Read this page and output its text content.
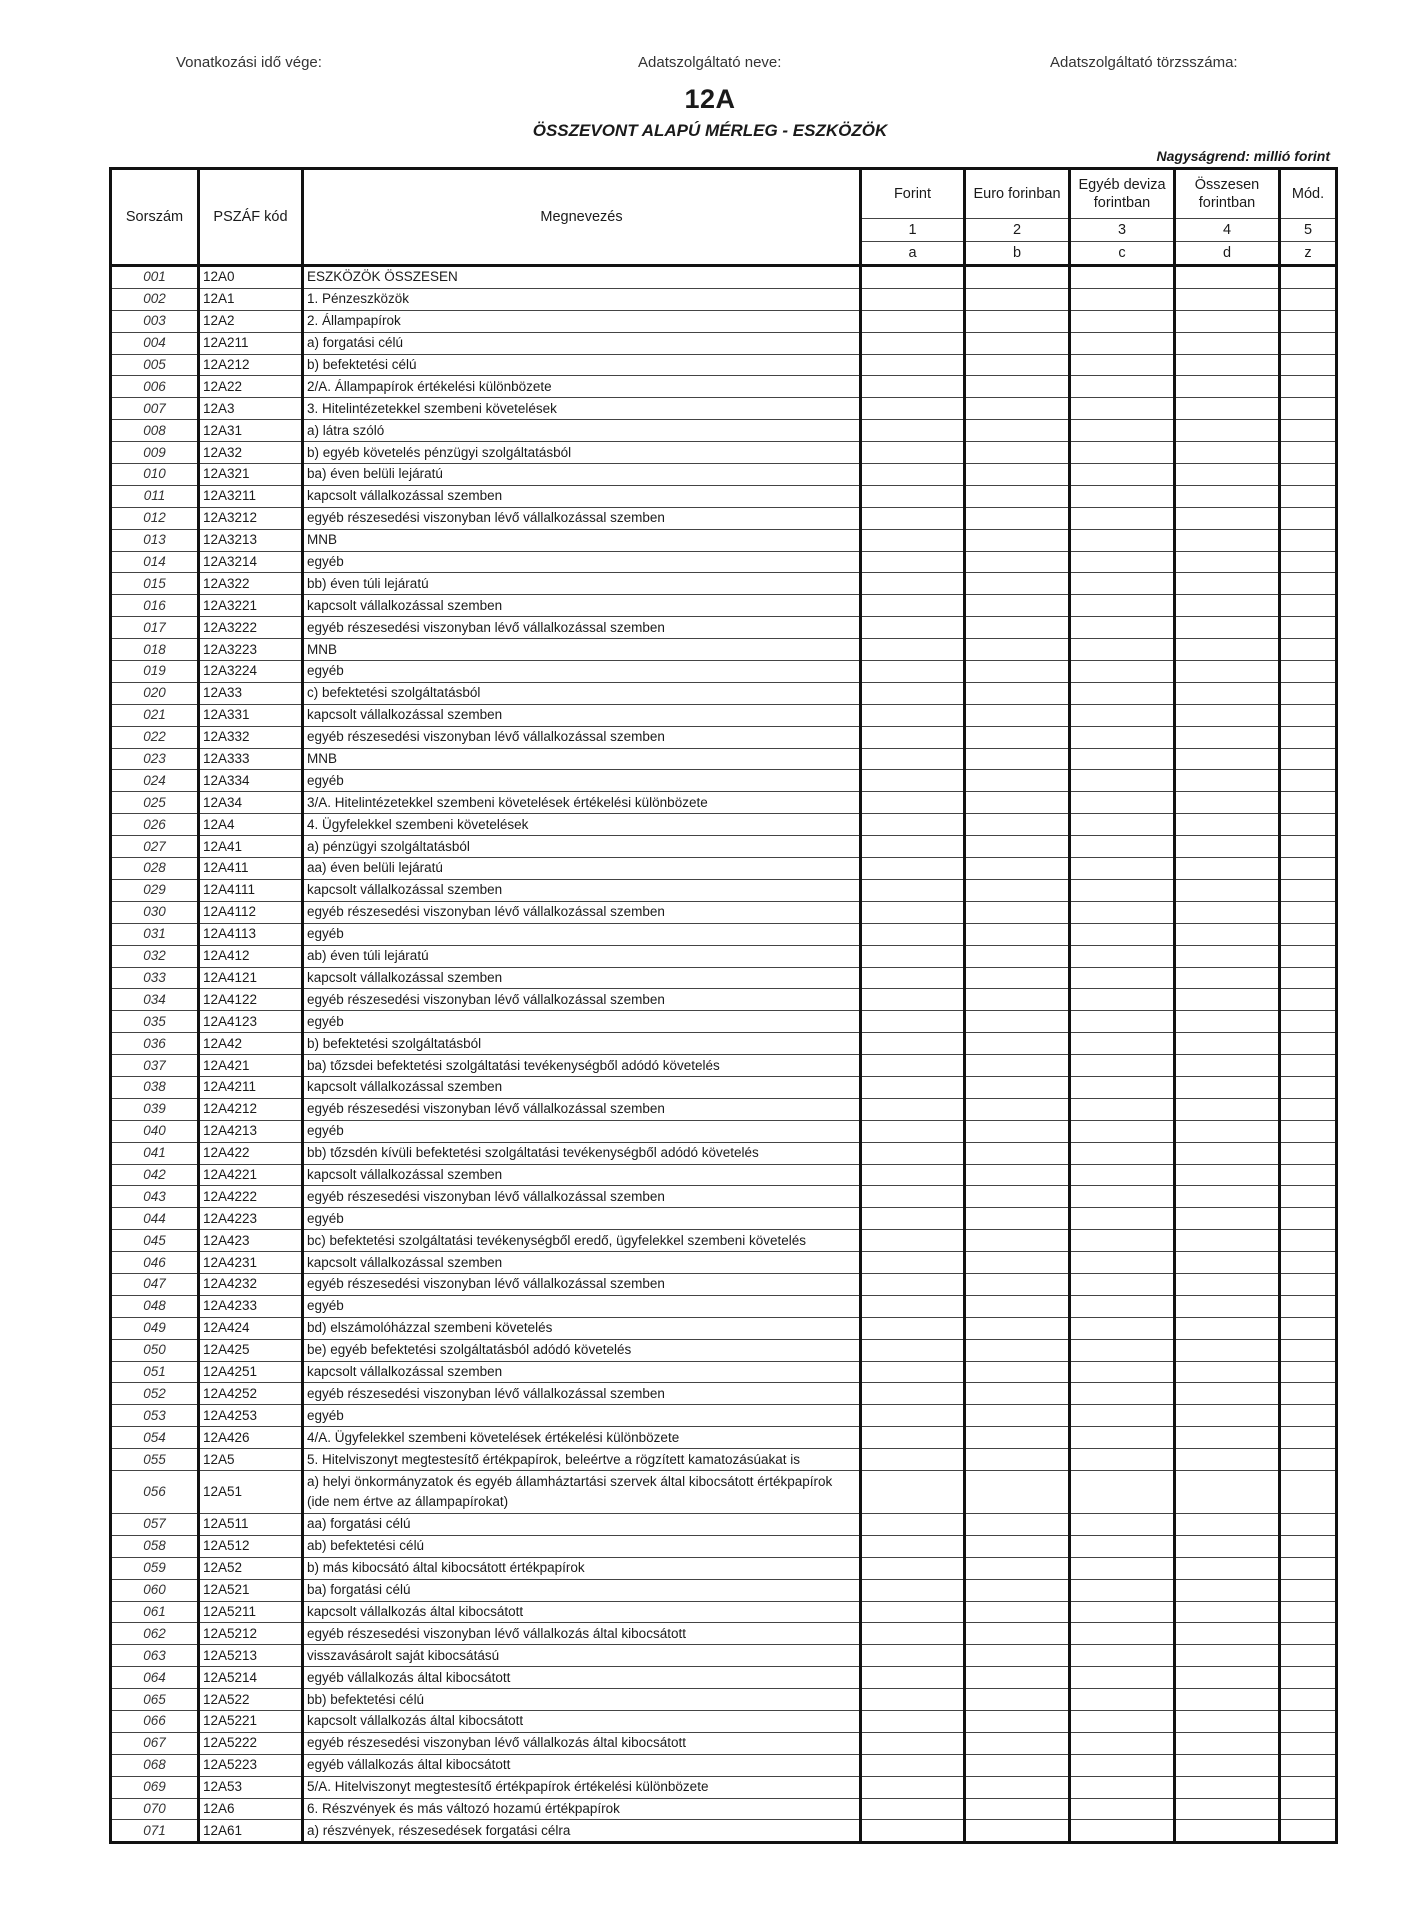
Vonatkozási idő vége:	Adatszolgáltató neve:	Adatszolgáltató törzsszáma:
12A
ÖSSZEVONT ALAPÚ MÉRLEG - ESZKÖZÖK
Nagyságrend: millió forint
Sorszám	PSZÁF kód	Megnevezés	Forint	Euro forinban	Egyéb deviza forintban	Összesen forintban	Mód.
			1	2	3	4	5
			a	b	c	d	z
001	12A0	ESZKÖZÖK ÖSSZESEN					
002	12A1	1. Pénzeszközök					
003	12A2	2. Állampapírok					
004	12A211	a) forgatási célú					
005	12A212	b) befektetési célú					
006	12A22	2/A. Állampapírok értékelési különbözete					
007	12A3	3. Hitelintézetekkel szembeni követelések					
008	12A31	a) látra szóló					
009	12A32	b) egyéb követelés pénzügyi szolgáltatásból					
010	12A321	ba) éven belüli lejáratú					
011	12A3211	kapcsolt vállalkozással szemben					
012	12A3212	egyéb részesedési viszonyban lévő vállalkozással szemben					
013	12A3213	MNB					
014	12A3214	egyéb					
015	12A322	bb) éven túli lejáratú					
016	12A3221	kapcsolt vállalkozással szemben					
017	12A3222	egyéb részesedési viszonyban lévő vállalkozással szemben					
018	12A3223	MNB					
019	12A3224	egyéb					
020	12A33	c) befektetési szolgáltatásból					
021	12A331	kapcsolt vállalkozással szemben					
022	12A332	egyéb részesedési viszonyban lévő vállalkozással szemben					
023	12A333	MNB					
024	12A334	egyéb					
025	12A34	3/A. Hitelintézetekkel szembeni követelések értékelési különbözete					
026	12A4	4. Ügyfelekkel szembeni követelések					
027	12A41	a) pénzügyi szolgáltatásból					
028	12A411	aa) éven belüli lejáratú					
029	12A4111	kapcsolt vállalkozással szemben					
030	12A4112	egyéb részesedési viszonyban lévő vállalkozással szemben					
031	12A4113	egyéb					
032	12A412	ab) éven túli lejáratú					
033	12A4121	kapcsolt vállalkozással szemben					
034	12A4122	egyéb részesedési viszonyban lévő vállalkozással szemben					
035	12A4123	egyéb					
036	12A42	b) befektetési szolgáltatásból					
037	12A421	ba) tőzsdei befektetési szolgáltatási tevékenységből adódó követelés					
038	12A4211	kapcsolt vállalkozással szemben					
039	12A4212	egyéb részesedési viszonyban lévő vállalkozással szemben					
040	12A4213	egyéb					
041	12A422	bb) tőzsdén kívüli befektetési szolgáltatási tevékenységből adódó követelés					
042	12A4221	kapcsolt vállalkozással szemben					
043	12A4222	egyéb részesedési viszonyban lévő vállalkozással szemben					
044	12A4223	egyéb					
045	12A423	bc) befektetési szolgáltatási tevékenységből eredő, ügyfelekkel szembeni követelés					
046	12A4231	kapcsolt vállalkozással szemben					
047	12A4232	egyéb részesedési viszonyban lévő vállalkozással szemben					
048	12A4233	egyéb					
049	12A424	bd) elszámolóházzal szembeni követelés					
050	12A425	be) egyéb befektetési szolgáltatásból adódó követelés					
051	12A4251	kapcsolt vállalkozással szemben					
052	12A4252	egyéb részesedési viszonyban lévő vállalkozással szemben					
053	12A4253	egyéb					
054	12A426	4/A. Ügyfelekkel szembeni követelések értékelési különbözete					
055	12A5	5. Hitelviszonyt megtestesítő értékpapírok, beleértve a rögzített kamatozásúakat is					
056	12A51	a) helyi önkormányzatok és egyéb államháztartási szervek által kibocsátott értékpapírok (ide nem értve az állampapírokat)					
057	12A511	aa) forgatási célú					
058	12A512	ab) befektetési célú					
059	12A52	b) más kibocsátó által kibocsátott értékpapírok					
060	12A521	ba) forgatási célú					
061	12A5211	kapcsolt vállalkozás által kibocsátott					
062	12A5212	egyéb részesedési viszonyban lévő vállalkozás által kibocsátott					
063	12A5213	visszavásárolt saját kibocsátású					
064	12A5214	egyéb vállalkozás által kibocsátott					
065	12A522	bb) befektetési célú					
066	12A5221	kapcsolt vállalkozás által kibocsátott					
067	12A5222	egyéb részesedési viszonyban lévő vállalkozás által kibocsátott					
068	12A5223	egyéb vállalkozás által kibocsátott					
069	12A53	5/A. Hitelviszonyt megtestesítő értékpapírok értékelési különbözete					
070	12A6	6. Részvények és más változó hozamú értékpapírok					
071	12A61	a) részvények, részesedések forgatási célra					
